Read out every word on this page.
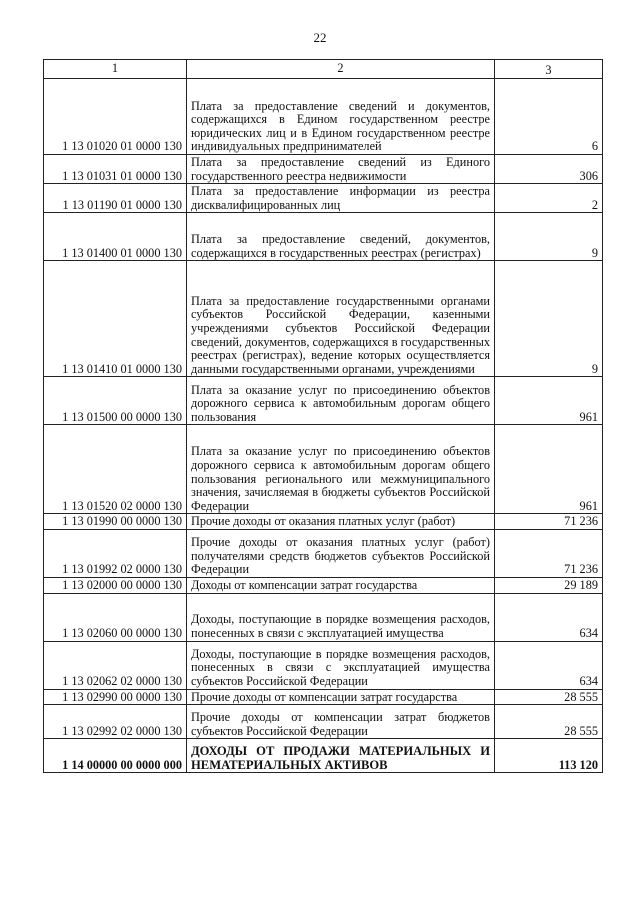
22
1	2	3
1 13 01020 01 0000 130	Плата за предоставление сведений и документов, содержащихся в Едином государственном реестре юридических лиц и в Едином государственном реестре индивидуальных предпринимателей	6
1 13 01031 01 0000 130	Плата за предоставление сведений из Единого государственного реестра недвижимости	306
1 13 01190 01 0000 130	Плата за предоставление информации из реестра дисквалифицированных лиц	2
1 13 01400 01 0000 130	Плата за предоставление сведений, документов, содержащихся в государственных реестрах (регистрах)	9
1 13 01410 01 0000 130	Плата за предоставление государственными органами субъектов Российской Федерации, казенными учреждениями субъектов Российской Федерации сведений, документов, содержащихся в государственных реестрах (регистрах), ведение которых осуществляется данными государственными органами, учреждениями	9
1 13 01500 00 0000 130	Плата за оказание услуг по присоединению объектов дорожного сервиса к автомобильным дорогам общего пользования	961
1 13 01520 02 0000 130	Плата за оказание услуг по присоединению объектов дорожного сервиса к автомобильным дорогам общего пользования регионального или межмуниципального значения, зачисляемая в бюджеты субъектов Российской Федерации	961
1 13 01990 00 0000 130	Прочие доходы от оказания платных услуг (работ)	71 236
1 13 01992 02 0000 130	Прочие доходы от оказания платных услуг (работ) получателями средств бюджетов субъектов Российской Федерации	71 236
1 13 02000 00 0000 130	Доходы от компенсации затрат государства	29 189
1 13 02060 00 0000 130	Доходы, поступающие в порядке возмещения расходов, понесенных в связи с эксплуатацией имущества	634
1 13 02062 02 0000 130	Доходы, поступающие в порядке возмещения расходов, понесенных в связи с эксплуатацией имущества субъектов Российской Федерации	634
1 13 02990 00 0000 130	Прочие доходы от компенсации затрат государства	28 555
1 13 02992 02 0000 130	Прочие доходы от компенсации затрат бюджетов субъектов Российской Федерации	28 555
1 14 00000 00 0000 000	ДОХОДЫ ОТ ПРОДАЖИ МАТЕРИАЛЬНЫХ И НЕМАТЕРИАЛЬНЫХ АКТИВОВ	113 120
